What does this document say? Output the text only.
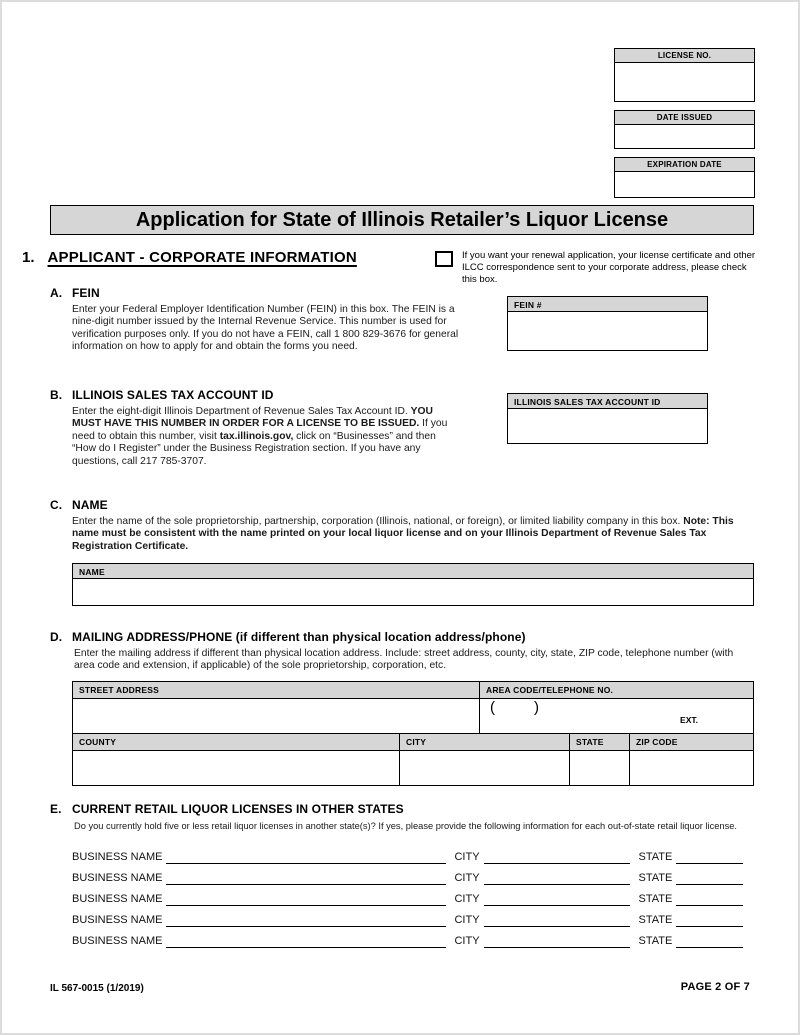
LICENSE NO.
DATE ISSUED
EXPIRATION DATE
Application for State of Illinois Retailer’s Liquor License
1. APPLICANT - CORPORATE INFORMATION	If you want your renewal application, your license certificate and other ILCC correspondence sent to your corporate address, please check this box.
A. FEIN

Enter your Federal Employer Identification Number (FEIN) in this box. The FEIN is a nine-digit number issued by the Internal Revenue Service. This number is used for verification purposes only. If you do not have a FEIN, call 1 800 829-3676 for general information on how to apply for and obtain the forms you need.

FEIN #
B. ILLINOIS SALES TAX ACCOUNT ID

Enter the eight-digit Illinois Department of Revenue Sales Tax Account ID. YOU MUST HAVE THIS NUMBER IN ORDER FOR A LICENSE TO BE ISSUED. If you need to obtain this number, visit tax.illinois.gov, click on “Businesses” and then “How do I Register” under the Business Registration section. If you have any questions, call 217 785-3707.

ILLINOIS SALES TAX ACCOUNT ID
C. NAME

Enter the name of the sole proprietorship, partnership, corporation (Illinois, national, or foreign), or limited liability company in this box. Note: This name must be consistent with the name printed on your local liquor license and on your Illinois Department of Revenue Sales Tax Registration Certificate.

NAME
D. MAILING ADDRESS/PHONE (if different than physical location address/phone)

Enter the mailing address if different than physical location address. Include: street address, county, city, state, ZIP code, telephone number (with area code and extension, if applicable) of the sole proprietorship, corporation, etc.

STREET ADDRESS	AREA CODE/TELEPHONE NO.
(      )
EXT.
COUNTY	CITY	STATE	ZIP CODE
E. CURRENT RETAIL LIQUOR LICENSES IN OTHER STATES

Do you currently hold five or less retail liquor licenses in another state(s)? If yes, please provide the following information for each out-of-state retail liquor license.

BUSINESS NAME	CITY	STATE
BUSINESS NAME	CITY	STATE
BUSINESS NAME	CITY	STATE
BUSINESS NAME	CITY	STATE
BUSINESS NAME	CITY	STATE
IL 567-0015 (1/2019)	PAGE 2 OF 7
